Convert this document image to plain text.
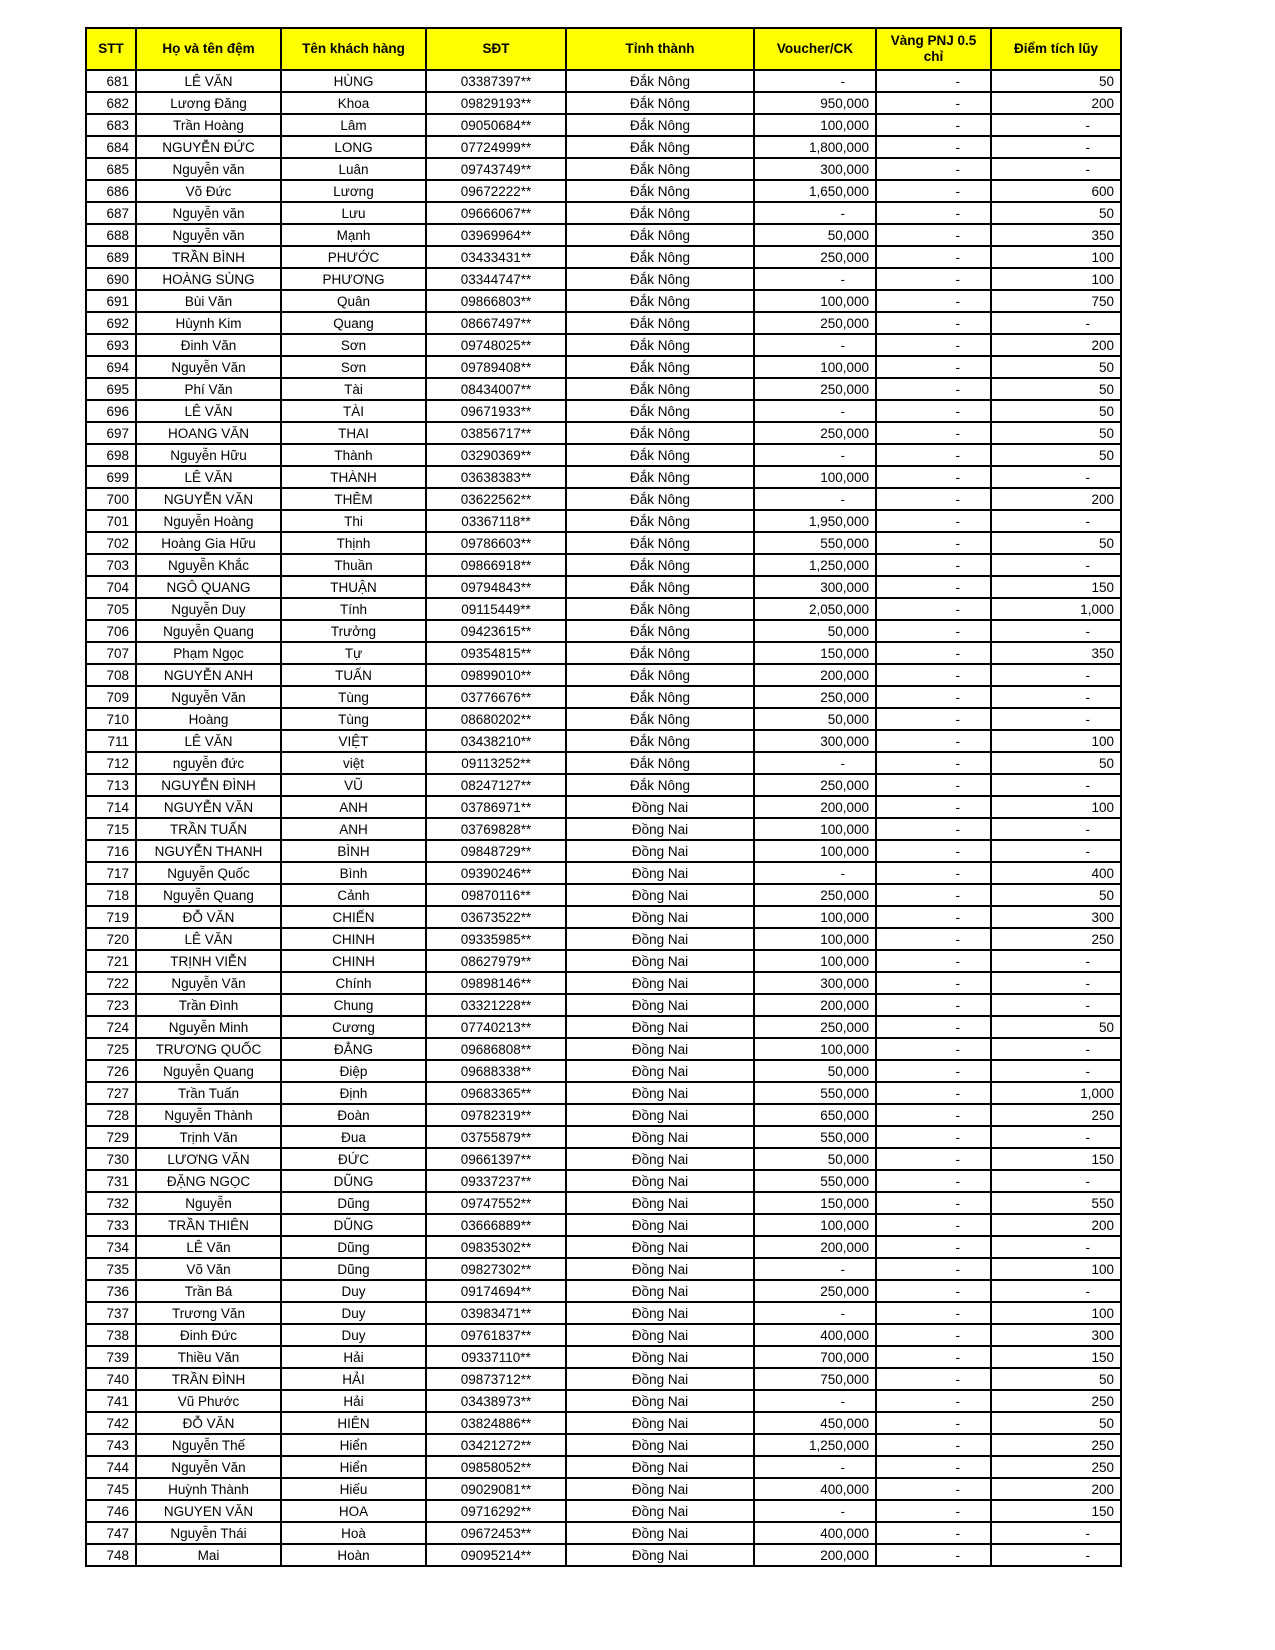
STT	Họ và tên đệm	Tên khách hàng	SĐT	Tỉnh thành	Voucher/CK	Vàng PNJ 0.5 chỉ	Điểm tích lũy
681	LÊ VĂN	HÙNG	03387397**	Đắk Nông	-	-	50
682	Lương Đăng	Khoa	09829193**	Đắk Nông	950,000	-	200
683	Trần Hoàng	Lâm	09050684**	Đắk Nông	100,000	-	-
684	NGUYỄN ĐỨC	LONG	07724999**	Đắk Nông	1,800,000	-	-
685	Nguyễn văn	Luân	09743749**	Đắk Nông	300,000	-	-
686	Võ Đức	Lương	09672222**	Đắk Nông	1,650,000	-	600
687	Nguyễn văn	Lưu	09666067**	Đắk Nông	-	-	50
688	Nguyễn văn	Mạnh	03969964**	Đắk Nông	50,000	-	350
689	TRẦN BÌNH	PHƯỚC	03433431**	Đắk Nông	250,000	-	100
690	HOÀNG SÙNG	PHƯƠNG	03344747**	Đắk Nông	-	-	100
691	Bùi Văn	Quân	09866803**	Đắk Nông	100,000	-	750
692	Hùynh Kim	Quang	08667497**	Đắk Nông	250,000	-	-
693	Đinh Văn	Sơn	09748025**	Đắk Nông	-	-	200
694	Nguyễn Văn	Sơn	09789408**	Đắk Nông	100,000	-	50
695	Phí Văn	Tài	08434007**	Đắk Nông	250,000	-	50
696	LÊ VĂN	TÀI	09671933**	Đắk Nông	-	-	50
697	HOANG VĂN	THAI	03856717**	Đắk Nông	250,000	-	50
698	Nguyễn Hữu	Thành	03290369**	Đắk Nông	-	-	50
699	LÊ VĂN	THÀNH	03638383**	Đắk Nông	100,000	-	-
700	NGUYỄN VĂN	THÊM	03622562**	Đắk Nông	-	-	200
701	Nguyễn Hoàng	Thi	03367118**	Đắk Nông	1,950,000	-	-
702	Hoàng Gia Hữu	Thịnh	09786603**	Đắk Nông	550,000	-	50
703	Nguyễn Khắc	Thuần	09866918**	Đắk Nông	1,250,000	-	-
704	NGÔ QUANG	THUẬN	09794843**	Đắk Nông	300,000	-	150
705	Nguyễn Duy	Tính	09115449**	Đắk Nông	2,050,000	-	1,000
706	Nguyễn Quang	Trưởng	09423615**	Đắk Nông	50,000	-	-
707	Phạm Ngọc	Tự	09354815**	Đắk Nông	150,000	-	350
708	NGUYỄN ANH	TUẤN	09899010**	Đắk Nông	200,000	-	-
709	Nguyễn Văn	Tùng	03776676**	Đắk Nông	250,000	-	-
710	Hoàng	Tùng	08680202**	Đắk Nông	50,000	-	-
711	LÊ VĂN	VIỆT	03438210**	Đắk Nông	300,000	-	100
712	nguyễn đức	việt	09113252**	Đắk Nông	-	-	50
713	NGUYỄN ĐÌNH	VŨ	08247127**	Đắk Nông	250,000	-	-
714	NGUYỄN VĂN	ANH	03786971**	Đồng Nai	200,000	-	100
715	TRẦN TUẤN	ANH	03769828**	Đồng Nai	100,000	-	-
716	NGUYỄN THANH	BÌNH	09848729**	Đồng Nai	100,000	-	-
717	Nguyễn Quốc	Bình	09390246**	Đồng Nai	-	-	400
718	Nguyễn Quang	Cảnh	09870116**	Đồng Nai	250,000	-	50
719	ĐỖ VĂN	CHIẾN	03673522**	Đồng Nai	100,000	-	300
720	LÊ VĂN	CHINH	09335985**	Đồng Nai	100,000	-	250
721	TRỊNH VIỄN	CHINH	08627979**	Đồng Nai	100,000	-	-
722	Nguyễn Văn	Chính	09898146**	Đồng Nai	300,000	-	-
723	Trần Đình	Chung	03321228**	Đồng Nai	200,000	-	-
724	Nguyễn Minh	Cương	07740213**	Đồng Nai	250,000	-	50
725	TRƯƠNG QUỐC	ĐẲNG	09686808**	Đồng Nai	100,000	-	-
726	Nguyễn Quang	Điệp	09688338**	Đồng Nai	50,000	-	-
727	Trần Tuấn	Định	09683365**	Đồng Nai	550,000	-	1,000
728	Nguyễn Thành	Đoàn	09782319**	Đồng Nai	650,000	-	250
729	Trịnh Văn	Đua	03755879**	Đồng Nai	550,000	-	-
730	LƯƠNG VĂN	ĐỨC	09661397**	Đồng Nai	50,000	-	150
731	ĐẶNG NGỌC	DŨNG	09337237**	Đồng Nai	550,000	-	-
732	Nguyễn	Dũng	09747552**	Đồng Nai	150,000	-	550
733	TRẦN THIÊN	DŨNG	03666889**	Đồng Nai	100,000	-	200
734	LÊ Văn	Dũng	09835302**	Đồng Nai	200,000	-	-
735	Võ Văn	Dũng	09827302**	Đồng Nai	-	-	100
736	Trần Bá	Duy	09174694**	Đồng Nai	250,000	-	-
737	Trương Văn	Duy	03983471**	Đồng Nai	-	-	100
738	Đinh Đức	Duy	09761837**	Đồng Nai	400,000	-	300
739	Thiều Văn	Hải	09337110**	Đồng Nai	700,000	-	150
740	TRẦN ĐÌNH	HẢI	09873712**	Đồng Nai	750,000	-	50
741	Vũ Phước	Hải	03438973**	Đồng Nai	-	-	250
742	ĐỖ VĂN	HIÊN	03824886**	Đồng Nai	450,000	-	50
743	Nguyễn Thế	Hiển	03421272**	Đồng Nai	1,250,000	-	250
744	Nguyễn Văn	Hiển	09858052**	Đồng Nai	-	-	250
745	Huỳnh Thành	Hiếu	09029081**	Đồng Nai	400,000	-	200
746	NGUYEN VĂN	HOA	09716292**	Đồng Nai	-	-	150
747	Nguyễn Thái	Hoà	09672453**	Đồng Nai	400,000	-	-
748	Mai	Hoàn	09095214**	Đồng Nai	200,000	-	-
